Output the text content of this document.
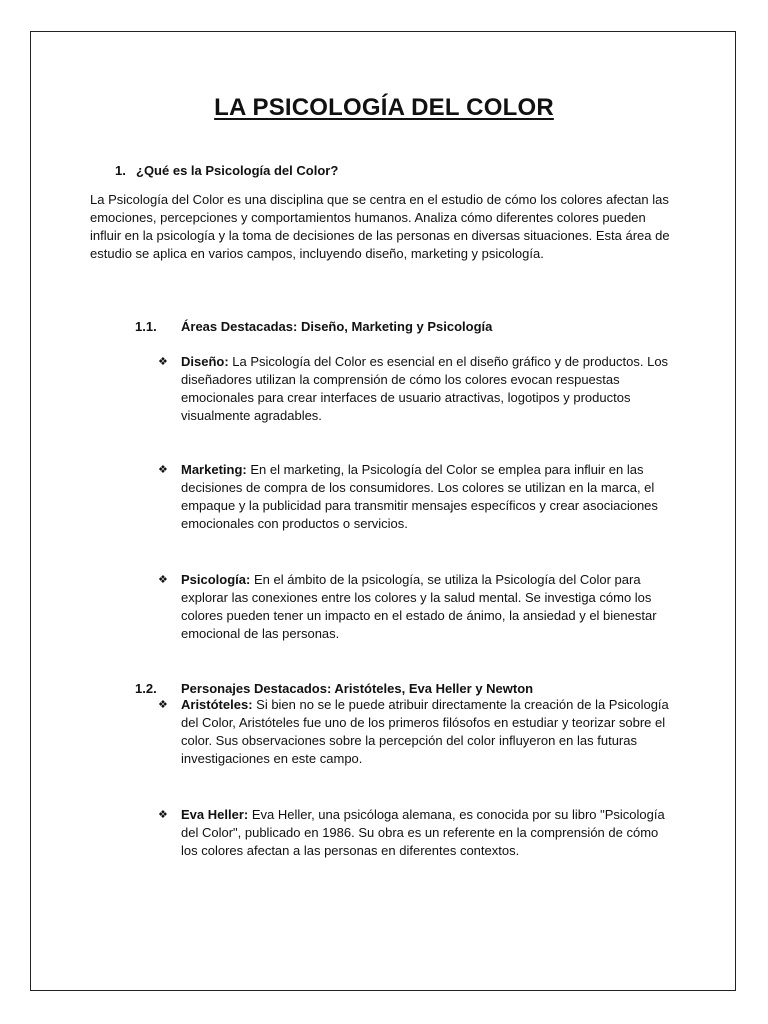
LA PSICOLOGÍA DEL COLOR
1. ¿Qué es la Psicología del Color?

La Psicología del Color es una disciplina que se centra en el estudio de cómo los colores afectan las emociones, percepciones y comportamientos humanos. Analiza cómo diferentes colores pueden influir en la psicología y la toma de decisiones de las personas en diversas situaciones. Esta área de estudio se aplica en varios campos, incluyendo diseño, marketing y psicología.

1.1. Áreas Destacadas: Diseño, Marketing y Psicología
❖	Diseño: La Psicología del Color es esencial en el diseño gráfico y de productos. Los diseñadores utilizan la comprensión de cómo los colores evocan respuestas emocionales para crear interfaces de usuario atractivas, logotipos y productos visualmente agradables.
❖	Marketing: En el marketing, la Psicología del Color se emplea para influir en las decisiones de compra de los consumidores. Los colores se utilizan en la marca, el empaque y la publicidad para transmitir mensajes específicos y crear asociaciones emocionales con productos o servicios.
❖	Psicología: En el ámbito de la psicología, se utiliza la Psicología del Color para explorar las conexiones entre los colores y la salud mental. Se investiga cómo los colores pueden tener un impacto en el estado de ánimo, la ansiedad y el bienestar emocional de las personas.
1.2. Personajes Destacados: Aristóteles, Eva Heller y Newton
❖	Aristóteles: Si bien no se le puede atribuir directamente la creación de la Psicología del Color, Aristóteles fue uno de los primeros filósofos en estudiar y teorizar sobre el color. Sus observaciones sobre la percepción del color influyeron en las futuras investigaciones en este campo.
❖	Eva Heller: Eva Heller, una psicóloga alemana, es conocida por su libro "Psicología del Color", publicado en 1986. Su obra es un referente en la comprensión de cómo los colores afectan a las personas en diferentes contextos.
